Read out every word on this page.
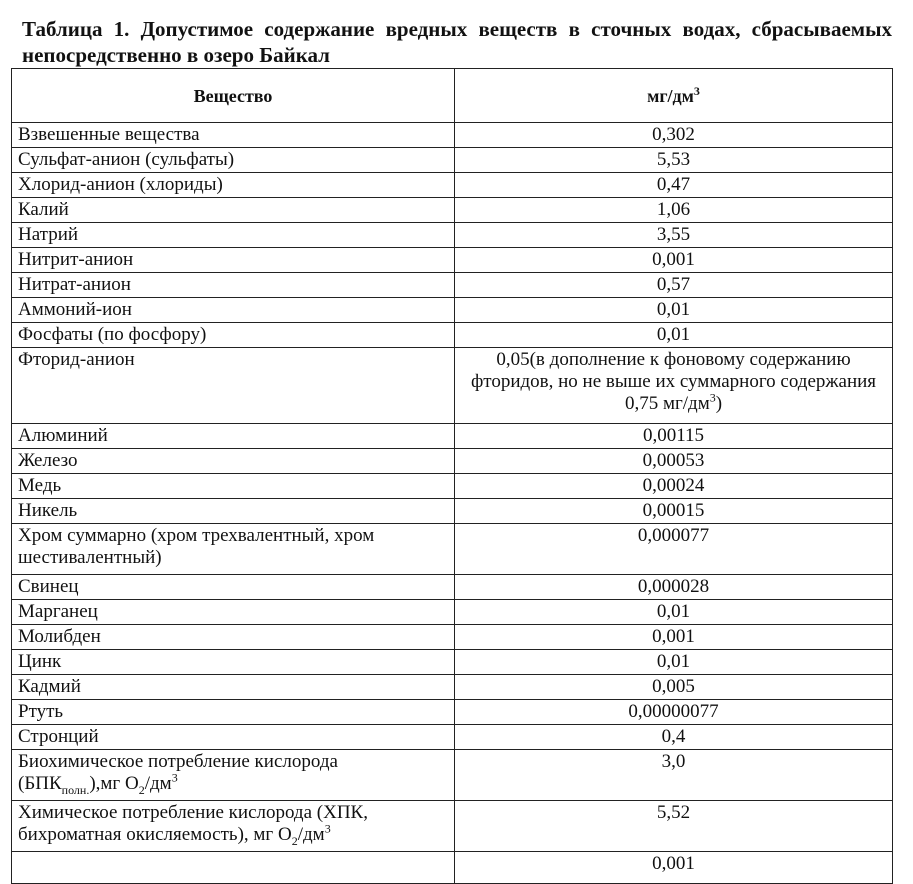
Таблица 1. Допустимое содержание вредных веществ в сточных водах, сбрасываемых непосредственно в озеро Байкал
Вещество	$мг/дм^3$
Взвешенные вещества	0,302
Сульфат-анион (сульфаты)	5,53
Хлорид-анион (хлориды)	0,47
Калий	1,06
Натрий	3,55
Нитрит-анион	0,001
Нитрат-анион	0,57
Аммоний-ион	0,01
Фосфаты (по фосфору)	0,01
Фторид-анион	0,05(в дополнение к фоновому содержанию фторидов, но не выше их суммарного содержания 0,75 $мг/дм^3$)
Алюминий	0,00115
Железо	0,00053
Медь	0,00024
Никель	0,00015
Хром суммарно (хром трехвалентный, хром шестивалентный)	0,000077
Свинец	0,000028
Марганец	0,01
Молибден	0,001
Цинк	0,01
Кадмий	0,005
Ртуть	0,00000077
Стронций	0,4
Биохимическое потребление кислорода
$(БПК_{полн.}),мг$ $О_2/дм^3$	3,0
Химическое потребление кислорода (ХПК,
бихроматная окисляемость), мг $О_2/дм^3$	5,52
	0,001
